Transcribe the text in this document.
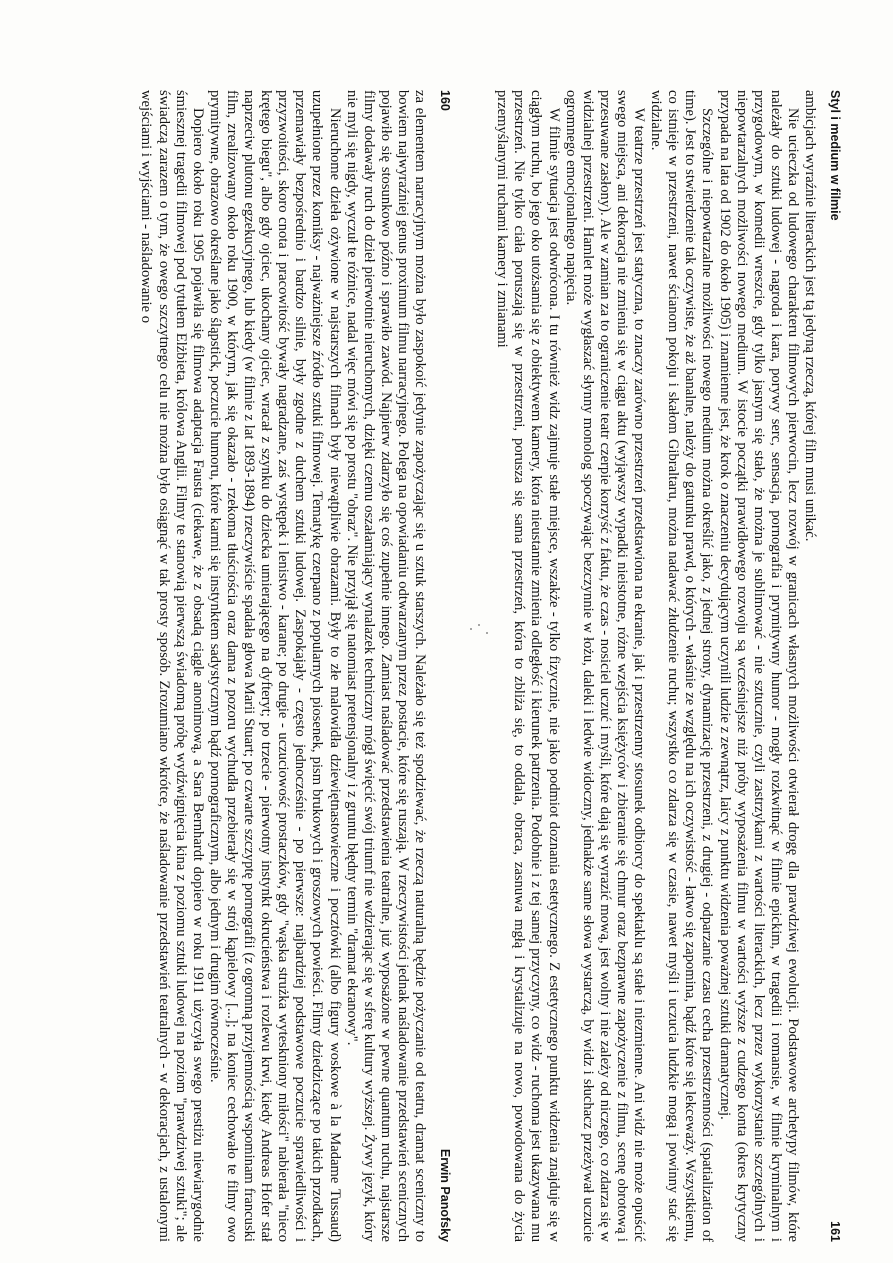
160
Erwin Panofsky

za elementem narracyjnym można było zaspokoić jedynie zapożyczając się u sztuk starszych. Należało się też spodziewać, że rzeczą naturalną będzie pożyczanie od teatru, dramat sceniczny to bowiem najwyraźniej genus proximum filmu narracyjnego. Polega na opowiadaniu odtwarzanym przez postacie, które się ruszają. W rzeczywistości jednak naśladowanie przedstawień scenicznych pojawiło się stosunkowo późno i sprawiło zawód. Najpierw zdarzyło się coś zupełnie innego. Zamiast naśladować przedstawienia teatralne, już wyposażone w pewne quantum ruchu, najstarsze filmy dodawały ruch do dzieł pierwotnie nieruchomych, dzięki czemu oszałamiający wynalazek techniczny mógł święcić swój triumf nie wdzierając się w sferę kultury wyższej. Żywy język, który nie myli się nigdy, wyczuł te różnice, nadal więc mówi się po prostu "obraz". Nie przyjął się natomiast pretensjonalny i z gruntu błędny termin "dramat ekranowy".

Nieruchome dzieła ożywione w najstarszych filmach były niewątpliwie obrazami. Były to złe malowidła dziewiętnastowieczne i pocztówki (albo figury woskowe à la Madame Tussaud) uzupełnione przez komiksy - najważniejsze źródło sztuki filmowej. Tematykę czerpano z popularnych piosenek, pism brukowych i groszowych powieści. Filmy dziedziczące po takich przodkach, przemawiały bezpośrednio i bardzo silnie, były zgodne z duchem sztuki ludowej. Zaspokajały - często jednocześnie - po pierwsze: najbardziej podstawowe poczucie sprawiedliwości i przyzwoitości, skoro cnota i pracowitość bywały nagradzane, zaś występek i lenistwo - karane; po drugie - uczuciowość prostaczków, gdy "wąska strużka wyteskniony miłości" nabierała "nieco krętego biegu", albo gdy ojciec, ukochany ojciec, wracał z szynku do dziecka umierającego na dyfteryt; po trzecie - pierwotny instynkt okrucieństwa i rozlewu krwi, kiedy Andreas Hofer stał naprzeciw plutonu egzekucyjnego, lub kiedy (w filmie z lat 1893-1894) rzeczywiście spadała głowa Marii Stuart; po czwarte szczyptę pornografii (z ogromną przyjemnością wspominam francuski film, zrealizowany około roku 1900, w którym, jak się okazało - rzekoma tłuściościa oraz dama z pozoru wychudła przebierały się w strój kąpielowy [...]; na koniec cechowało te filmy owo prymitywne, obrazowo określane jako śląpstick, poczucie humoru, które karmi się instynktem sadystycznym bądź pornograficznym, albo jednym i drugim równocześnie.

Dopiero około roku 1905 pojawiła się filmowa adaptacja Fausta (ciekawe, że z obsadą ciągle anonimową, a Sara Bernhardt dopiero w roku 1911 użyczyła swego prestiżu niewiarygodnie śmiesznej tragedii filmowej pod tytułem Elżbieta, królowa Anglii. Filmy te stanowią pierwszą świadomą próbę wydźwignięcia kina z poziomu sztuki ludowej na poziom "prawdziwej sztuki"; ale świadczą zarazem o tym, że owego szczytnego celu nie można było osiągnąć w tak prosty sposób. Zrozumiano wkrótce, że naśladowanie przedstawień teatralnych - w dekoracjach, z ustalonymi wejściami i wyjściami - naśladowanie o	Styl i medium w filmie
161

ambicjach wyraźnie literackich jest tą jedyną rzeczą, której film musi unikać.

Nie ucieczka od ludowego charakteru filmowych pierwocin, lecz rozwój w granicach własnych możliwości otwierał drogę dla prawdziwej ewolucji. Podstawowe archetypy filmów, które należały do sztuki ludowej - nagroda i kara, porywy serc, sensacja, pornografia i prymitywny humor - mogły rozkwitnąć w filmie epickim, w tragedii i romansie, w filmie kryminalnym i przygodowym, w komedii wreszcie, gdy tylko jasnym się stało, że można je sublimować - nie sztucznie, czyli zastrzykami z wartości literackich, lecz przez wykorzystanie szczególnych i niepowtarzalnych możliwości nowego medium. W istocie początki prawidłowego rozwoju są wcześniejsze niż próby wyposażenia filmu w wartości wyższe z cudzego konta (okres krytyczny przypada na lata od 1902 do około 1905) i znamienne jest, że krok o znaczeniu decydującym uczynili ludzie z zewnątrz, laicy z punktu widzenia poważnej sztuki dramatycznej.

Szczególne i niepowtarzalne możliwości nowego medium można określić jako, z jednej strony, dynamizację przestrzeni, z drugiej - odparzanie czasu cecha przestrzenności (spatialization of time). Jest to stwierdzenie tak oczywiste, że aż banalne, należy do gatunku prawd, o których - właśnie ze względu na ich oczywistość - łatwo się zapomina, bądź które się lekceważy. Wszystkiemu, co istnieje w przestrzeni, nawet ścianom pokoju i skałom Gibraltaru, można nadawać złudzenie ruchu; wszystko co zdarza się w czasie, nawet myśli i uczucia ludzkie mogą i powinny stać się widzialne.

W teatrze przestrzeń jest statyczna, to znaczy zarówno przestrzeń przedstawiona na ekranie, jak i przestrzenny stosunek odbiorcy do spektaklu są stałe i niezmienne. Ani widz nie może opuścić swego miejsca, ani dekoracja nie zmienia się w ciągu aktu (wyjąwszy wypadki nieistotne, różne wzejścia księżyców i zbieranie się chmur oraz bezprawne zapożyczenie z filmu, scenę obrotową i przesuwane zasłony). Ale w zamian za to ograniczenie teatr czerpie korzyść z faktu, że czas - nosiciel uczuć i myśli, które dają się wyrazić mową, jest wolny i nie zależy od niczego, co zdarza się w widzialnej przestrzeni. Hamlet może wygłaszać słynny monolog spoczywając bezczynnie w łożu, daleki i ledwie widoczny, jednakże same słowa wystarczą, by widz i słuchacz przeżywał uczucie ogromnego emocjonalnego napięcia.

W filmie sytuacja jest odwrócona. I tu również widz zajmuje stałe miejsce, wszakże - tylko fizycznie, nie jako podmiot doznania estetycznego. Z estetycznego punktu widzenia znajduje się w ciągłym ruchu, bo jego oko utożsamia się z obiektywem kamery, która nieustannie zmienia odległość i kierunek patrzenia. Podobnie i z tej samej przyczyny, co widz - ruchoma jest ukazywana mu przestrzeń. Nie tylko ciała poruszają się w przestrzeni, porusza się sama przestrzeń, która to zbliża się, to oddala, obraca, zasnuwa mgłą i krystalizuje na nowo, powodowana do życia przemyślanymi ruchami kamery i zmianami
